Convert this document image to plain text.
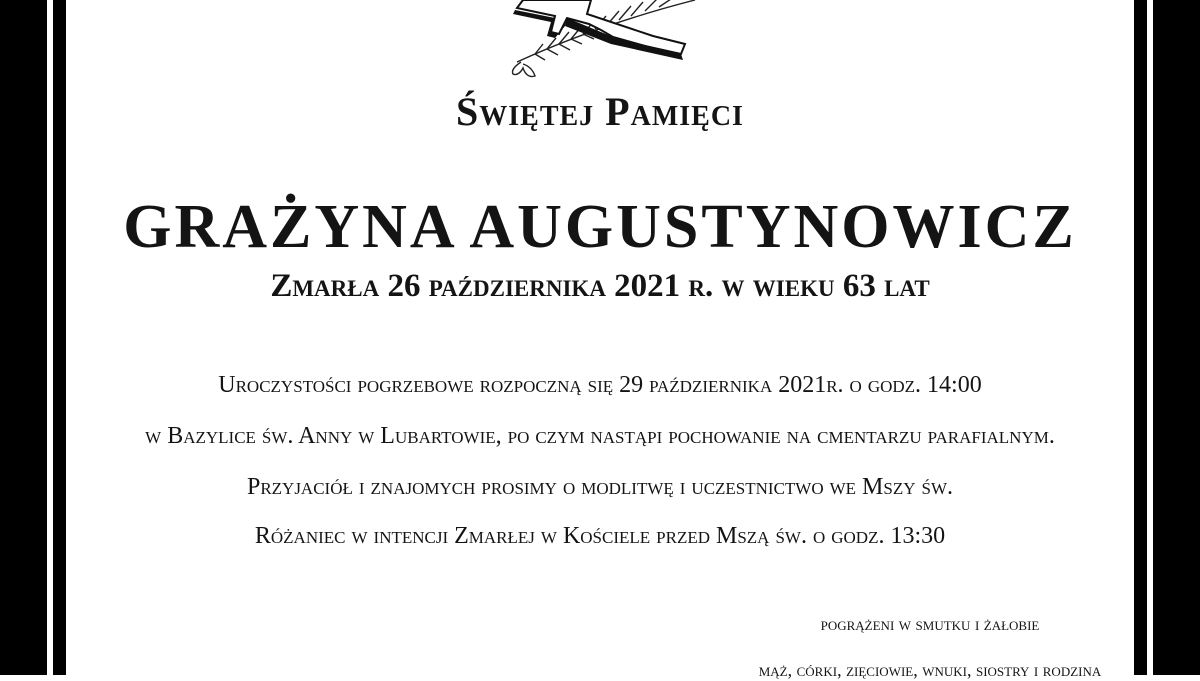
Świętej Pamięci
GRAŻYNA AUGUSTYNOWICZ
Zmarła 26 października 2021 r. w wieku 63 lat
Uroczystości pogrzebowe rozpoczną się 29 października 2021r. o godz. 14:00
w Bazylice św. Anny w Lubartowie, po czym nastąpi pochowanie na cmentarzu parafialnym.
Przyjaciół i znajomych prosimy o modlitwę i uczestnictwo we Mszy św.
Różaniec w intencji Zmarłej w Kościele przed Mszą św. o godz. 13:30
pogrążeni w smutku i żałobie
mąż, córki, zięciowie, wnuki, siostry i rodzina
